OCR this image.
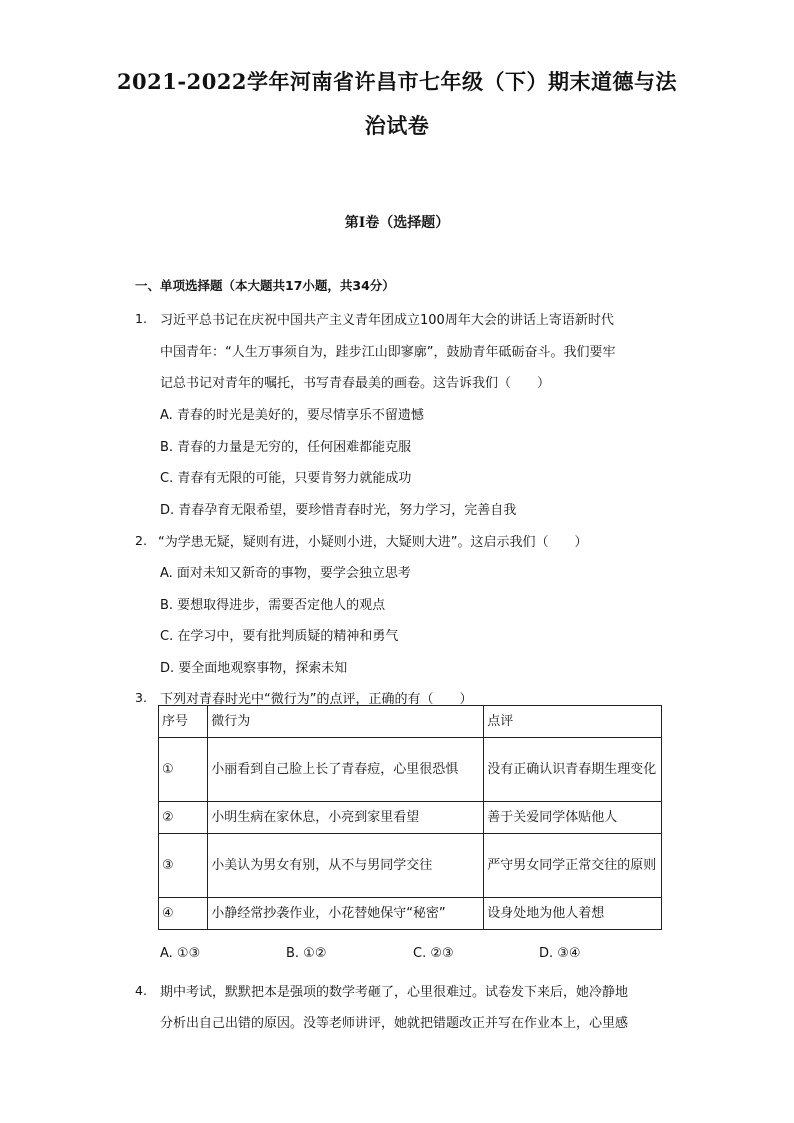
2021-2022学年河南省许昌市七年级（下）期末道德与法
治试卷
第I卷（选择题）
一、单项选择题（本大题共17小题，共34分）
1. 习近平总书记在庆祝中国共产主义青年团成立100周年大会的讲话上寄语新时代
中国青年：“人生万事须自为，跬步江山即寥廓”，鼓励青年砥砺奋斗。我们要牢
记总书记对青年的嘱托，书写青春最美的画卷。这告诉我们（　　）
A. 青春的时光是美好的，要尽情享乐不留遗憾
B. 青春的力量是无穷的，任何困难都能克服
C. 青春有无限的可能，只要肯努力就能成功
D. 青春孕育无限希望，要珍惜青春时光，努力学习，完善自我
2. “为学患无疑，疑则有进，小疑则小进，大疑则大进”。这启示我们（　　）
A. 面对未知又新奇的事物，要学会独立思考
B. 要想取得进步，需要否定他人的观点
C. 在学习中，要有批判质疑的精神和勇气
D. 要全面地观察事物，探索未知
3. 下列对青春时光中“微行为”的点评，正确的有（　　）
序号	微行为	点评
①	小丽看到自己脸上长了青春痘，心里很恐惧	没有正确认识青春期生理变化
②	小明生病在家休息，小亮到家里看望	善于关爱同学体贴他人
③	小美认为男女有别，从不与男同学交往	严守男女同学正常交往的原则
④	小静经常抄袭作业，小花替她保守“秘密”	设身处地为他人着想
A. ①③	B. ①②	C. ②③	D. ③④
4. 期中考试，默默把本是强项的数学考砸了，心里很难过。试卷发下来后，她冷静地
分析出自己出错的原因。没等老师讲评，她就把错题改正并写在作业本上，心里感
